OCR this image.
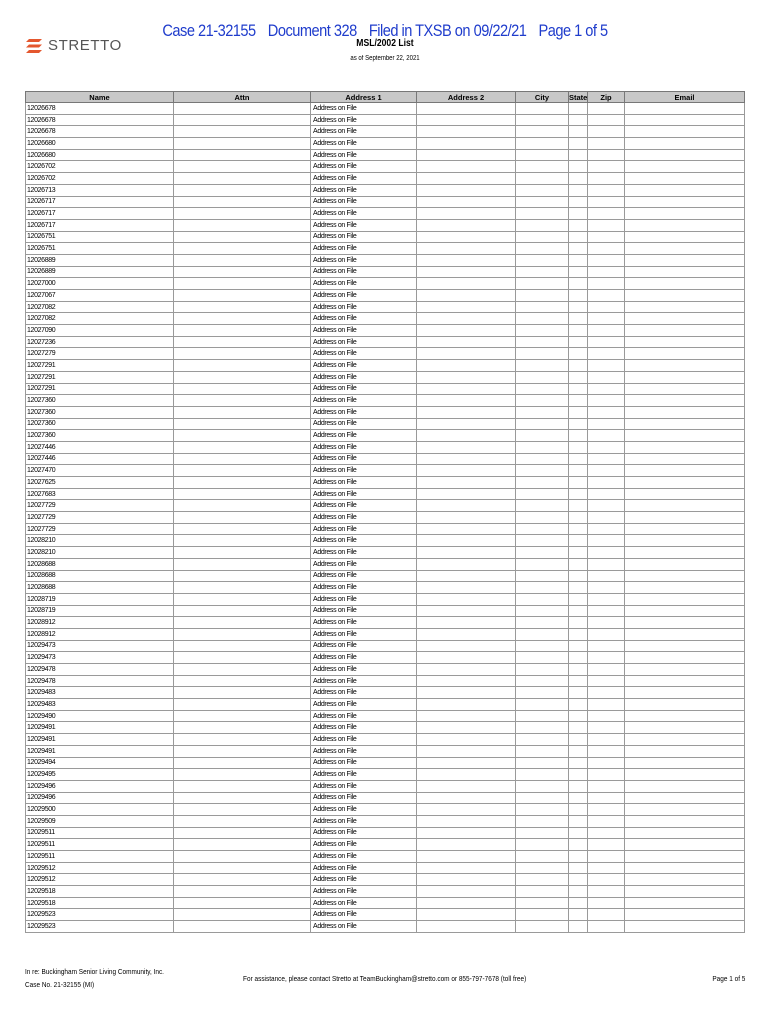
Case 21-32155 Document 328 Filed in TXSB on 09/22/21 Page 1 of 5
STRETTO	MSL/2002 List
as of September 22, 2021
Name	Attn	Address 1	Address 2	City	State	Zip	Email
12026678		Address on File					
12026678		Address on File					
12026678		Address on File					
12026680		Address on File					
12026680		Address on File					
12026702		Address on File					
12026702		Address on File					
12026713		Address on File					
12026717		Address on File					
12026717		Address on File					
12026717		Address on File					
12026751		Address on File					
12026751		Address on File					
12026889		Address on File					
12026889		Address on File					
12027000		Address on File					
12027067		Address on File					
12027082		Address on File					
12027082		Address on File					
12027090		Address on File					
12027236		Address on File					
12027279		Address on File					
12027291		Address on File					
12027291		Address on File					
12027291		Address on File					
12027360		Address on File					
12027360		Address on File					
12027360		Address on File					
12027360		Address on File					
12027446		Address on File					
12027446		Address on File					
12027470		Address on File					
12027625		Address on File					
12027683		Address on File					
12027729		Address on File					
12027729		Address on File					
12027729		Address on File					
12028210		Address on File					
12028210		Address on File					
12028688		Address on File					
12028688		Address on File					
12028688		Address on File					
12028719		Address on File					
12028719		Address on File					
12028912		Address on File					
12028912		Address on File					
12029473		Address on File					
12029473		Address on File					
12029478		Address on File					
12029478		Address on File					
12029483		Address on File					
12029483		Address on File					
12029490		Address on File					
12029491		Address on File					
12029491		Address on File					
12029491		Address on File					
12029494		Address on File					
12029495		Address on File					
12029496		Address on File					
12029496		Address on File					
12029500		Address on File					
12029509		Address on File					
12029511		Address on File					
12029511		Address on File					
12029511		Address on File					
12029512		Address on File					
12029512		Address on File					
12029518		Address on File					
12029518		Address on File					
12029523		Address on File					
12029523		Address on File					
In re: Buckingham Senior Living Community, Inc.
Case No. 21-32155 (MI)
For assistance, please contact Stretto at TeamBuckingham@stretto.com or 855-797-7678 (toll free)	Page 1 of 5
